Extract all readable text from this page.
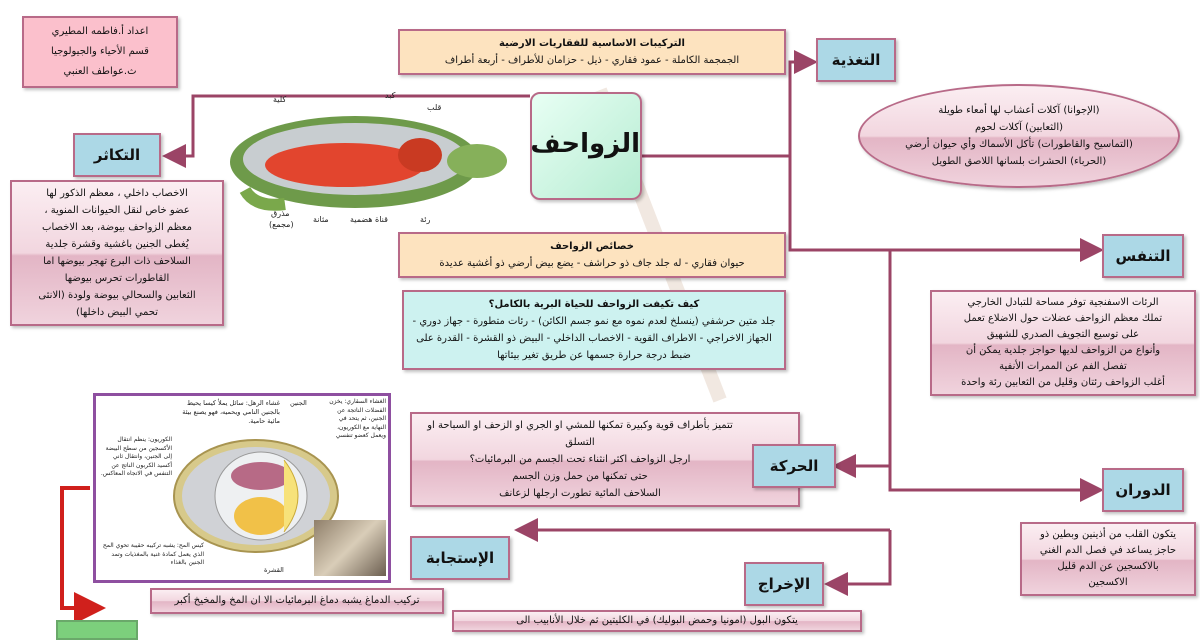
اعداد أ.فاطمه المطيري
قسم الأحياء والجيولوجيا
ث.عواطف العنبي
التركيبات الاساسية للفقاريات الارضية
الجمجمة الكاملة - عمود فقاري - ذيل - حزامان للأطراف - أربعة أطراف
الزواحف
كلية	كبد
قلب
رئة
قناة هضمية
مثانة
مذرق
(مجمع)
خصائص الزواحف
حيوان فقاري - له جلد جاف ذو حراشف - يضع بيض أرضي ذو أغشية عديدة
كيف تكيفت الزواحف للحياة البرية بالكامل؟
جلد متين حرشفي (ينسلخ لعدم نموه مع نمو جسم الكائن) - رئات متطورة - جهاز دوري - الجهاز الاخراجي - الاطراف القوية - الاخصاب الداخلي - البيض ذو القشرة - القدرة على ضبط درجة حرارة جسمها عن طريق تغير بيئاتها
التغذية
(الإجوانا) آكلات أعشاب لها أمعاء طويلة
(الثعابين) آكلات لحوم
(التماسيح والقاطورات) تأكل الأسماك وأي حيوان أرضي
(الحرباء) الحشرات بلسانها اللاصق الطويل
التكاثر
الاخصاب داخلي ، معظم الذكور لها
عضو خاص لنقل الحيوانات المنوية ،
معظم الزواحف بيوضة، بعد الاخصاب
يُغطى الجنين باغشية وقشرة جلدية
السلاحف ذات البرع تهجر بيوضها اما
القاطورات تحرس بيوضها
الثعابين والسحالي بيوضة ولودة (الانثى
تحمي البيض داخلها)
التنفس
الرئات الاسفنجية توفر مساحة للتبادل الخارجي
تملك معظم الزواحف عضلات حول الاضلاع تعمل
على توسيع التجويف الصدري للشهيق
وأنواع من الزواحف لديها حواجز جلدية يمكن أن
تفصل الفم عن الممرات الأنفية
أغلب الزواحف رئتان وقليل من الثعابين رئة واحدة
تتميز بأطراف قوية وكبيرة تمكنها للمشي او الجري او الزحف او السباحة او التسلق
ارجل الزواحف اكثر انثناء تحت الجسم من البرمائيات؟
حتى تمكنها من حمل وزن الجسم
السلاحف المائية تطورت ارجلها لزعانف
الحركة
الدوران
يتكون القلب من أذينين وبطين ذو
حاجز يساعد في فصل الدم الغني
بالاكسجين عن الدم قليل
الاكسجين
غشاء الرهل: سائل يملأ كيسا يحيط بالجنين النامي ويحميه، فهو يصنع بيئة مائية حامية.
الجنين	الغشاء السقاري: يخزن الفضلات الناتجة عن الجنين، ثم يتحد في النهاية مع الكوريون، ويعمل كعضو تنفسي
الكوريون: ينظم انتقال الأكسجين من سطح البيضة إلى الجنين، وانتقال ثاني أكسيد الكربون الناتج عن التنفس في الاتجاه المعاكس.
كيس المح: يشبه تركيبه حقيبة تحوي المح الذي يعمل كمادة غنية بالمغذيات وتمد الجنين بالغذاء
القشرة
الإستجابة
تركيب الدماغ يشبه دماغ البرمائيات الا ان المخ والمخيخ أكبر
الإخراج
يتكون البول (امونيا وحمض البوليك) في الكليتين ثم خلال الأنابيب الى
